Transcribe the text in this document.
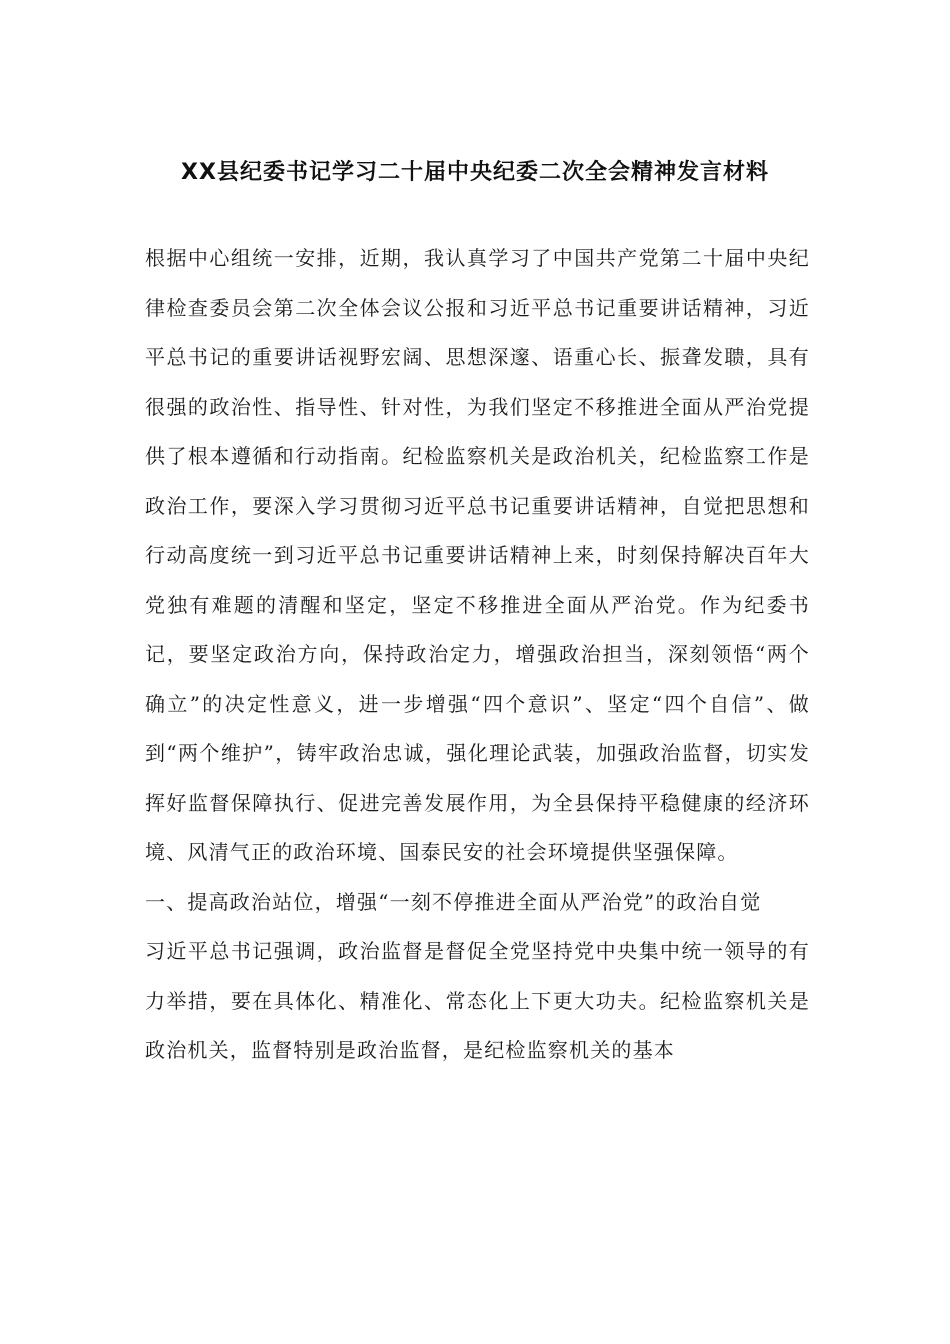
XX县纪委书记学习二十届中央纪委二次全会精神发言材料

根据中心组统一安排，近期，我认真学习了中国共产党第二十届中央纪律检查委员会第二次全体会议公报和习近平总书记重要讲话精神，习近平总书记的重要讲话视野宏阔、思想深邃、语重心长、振聋发聩，具有很强的政治性、指导性、针对性，为我们坚定不移推进全面从严治党提供了根本遵循和行动指南。纪检监察机关是政治机关，纪检监察工作是政治工作，要深入学习贯彻习近平总书记重要讲话精神，自觉把思想和行动高度统一到习近平总书记重要讲话精神上来，时刻保持解决百年大党独有难题的清醒和坚定，坚定不移推进全面从严治党。作为纪委书记，要坚定政治方向，保持政治定力，增强政治担当，深刻领悟“两个确立”的决定性意义，进一步增强“四个意识”、坚定“四个自信”、做到“两个维护”，铸牢政治忠诚，强化理论武装，加强政治监督，切实发挥好监督保障执行、促进完善发展作用，为全县保持平稳健康的经济环境、风清气正的政治环境、国泰民安的社会环境提供坚强保障。

一、提高政治站位，增强“一刻不停推进全面从严治党”的政治自觉

习近平总书记强调，政治监督是督促全党坚持党中央集中统一领导的有力举措，要在具体化、精准化、常态化上下更大功夫。纪检监察机关是政治机关，监督特别是政治监督，是纪检监察机关的基本
